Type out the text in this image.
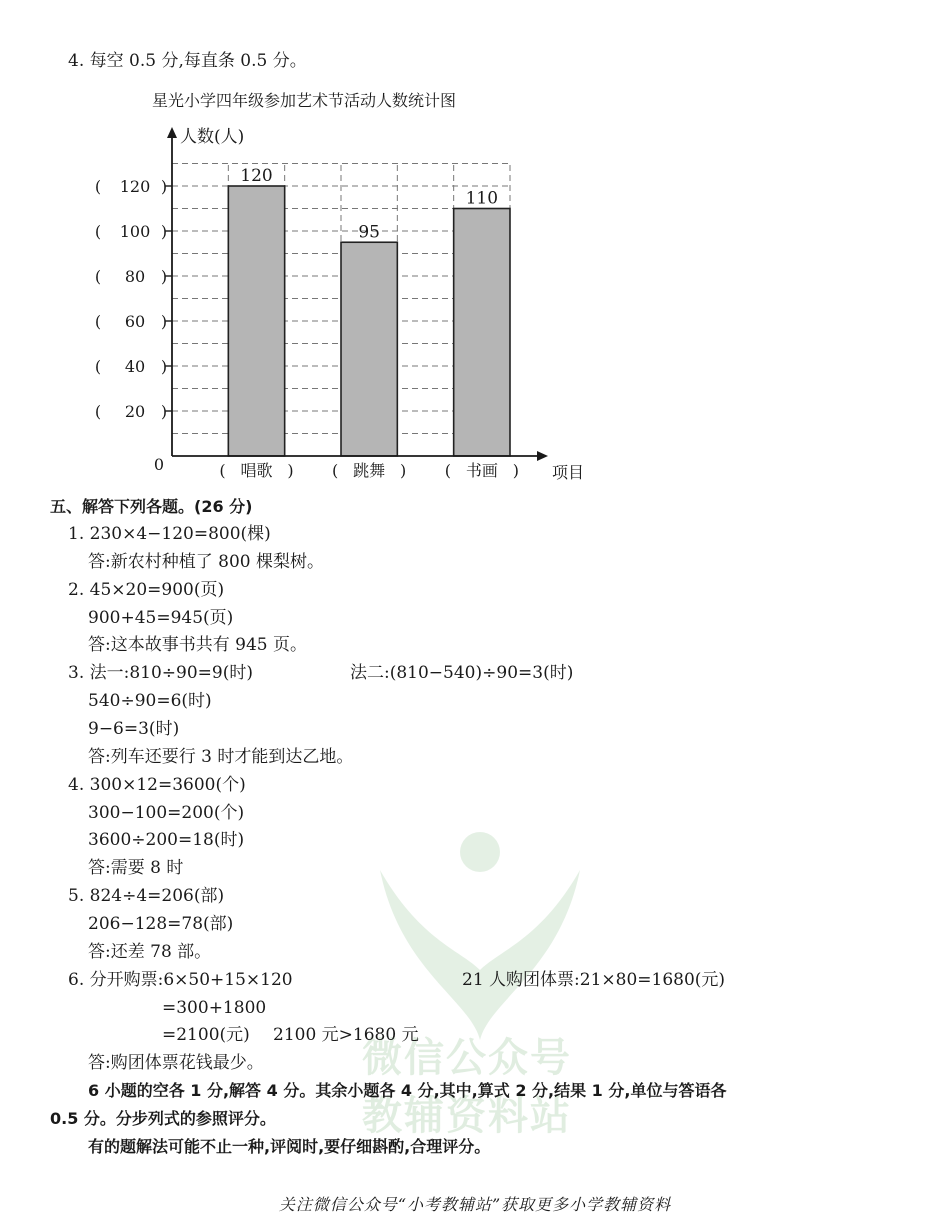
4. 每空 0.5 分,每直条 0.5 分。
星光小学四年级参加艺术节活动人数统计图
120
( 唱歌 )
95
( 跳舞 )
110
( 书画 )
( 20 )
( 40 )
( 60 )
( 80 )
( 100 )
( 120 )
人数(人)
项目
0
微信公众号
教辅资料站
五、解答下列各题。(26 分)
1. 230×4−120=800(棵)
答:新农村种植了 800 棵梨树。
2. 45×20=900(页)
900+45=945(页)
答:这本故事书共有 945 页。
3. 法一:810÷90=9(时)	法二:(810−540)÷90=3(时)
540÷90=6(时)
9−6=3(时)
答:列车还要行 3 时才能到达乙地。
4. 300×12=3600(个)
300−100=200(个)
3600÷200=18(时)
答:需要 8 时
5. 824÷4=206(部)
206−128=78(部)
答:还差 78 部。
6. 分开购票:6×50+15×120	21 人购团体票:21×80=1680(元)
=300+1800
=2100(元) 2100 元>1680 元
答:购团体票花钱最少。
6 小题的空各 1 分,解答 4 分。其余小题各 4 分,其中,算式 2 分,结果 1 分,单位与答语各
0.5 分。分步列式的参照评分。
有的题解法可能不止一种,评阅时,要仔细斟酌,合理评分。
关注微信公众号“小考教辅站”获取更多小学教辅资料
